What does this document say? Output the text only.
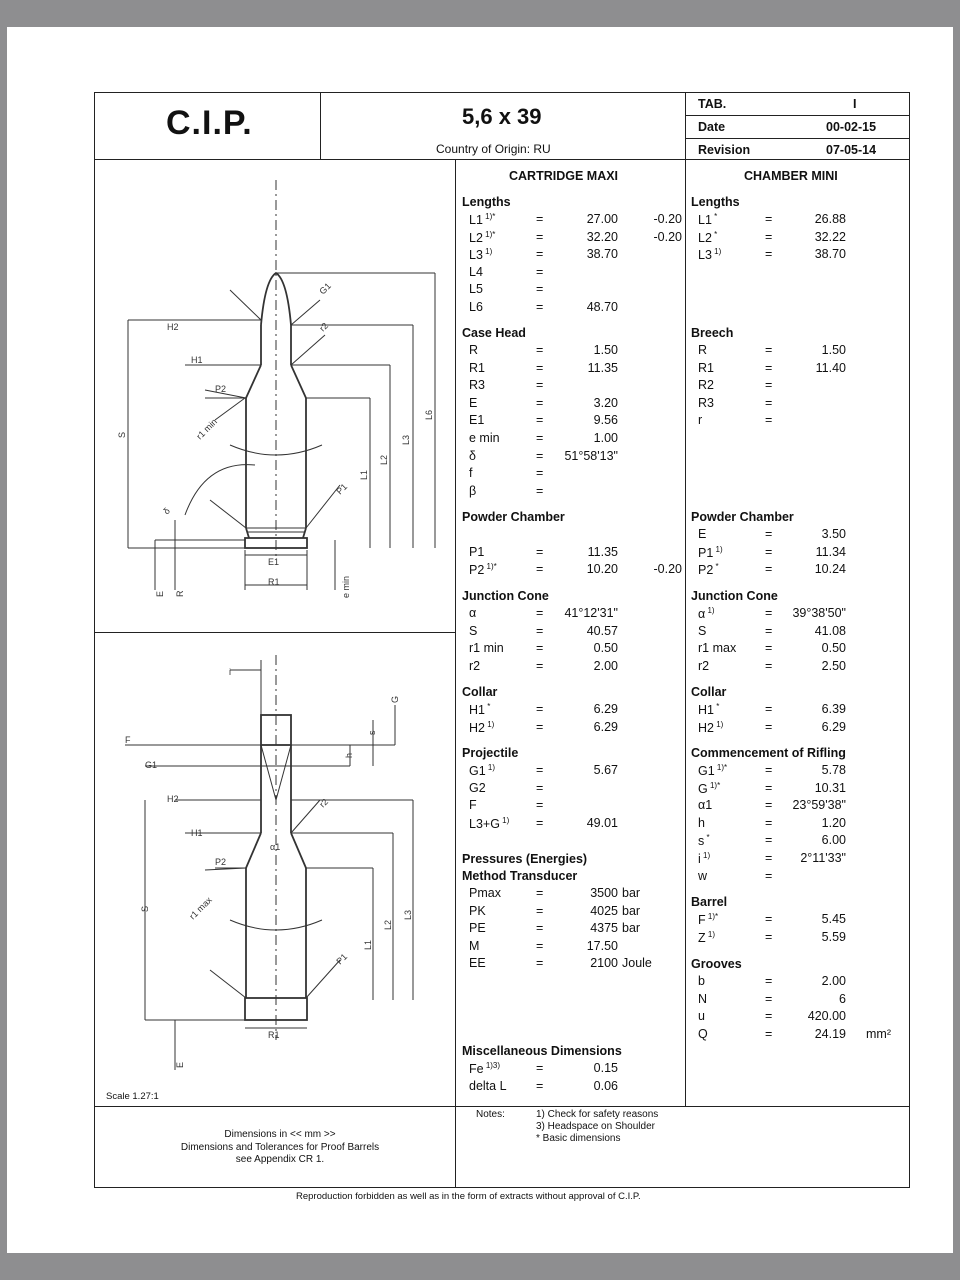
C.I.P.	5,6 x 39
Country of Origin: RU
TAB.	I
Date	00-02-15
Revision	07-05-14
CARTRIDGE MAXI	CHAMBER MINI
Lengths
L1 $^{1)*}$	=	27.00	-0.20
L2 $^{1)*}$	=	32.20	-0.20
L3 $^{1)}$	=	38.70
L4	=
L5	=
L6	=	48.70
Case Head
R	=	1.50
R1	=	11.35
R3	=
E	=	3.20
E1	=	9.56
e min	=	1.00
δ	= 51°58'13"
f	=
β	=
Powder Chamber
P1	=	11.35
P2 $^{1)*}$	=	10.20	-0.20
Junction Cone
α	= 41°12'31"
S	=	40.57
r1 min	=	0.50
r2	=	2.00
Collar
H1 *	=	6.29
H2 $^{1)}$	=	6.29
Projectile
G1 $^{1)}$	=	5.67
G2	=
F	=
L3+G $^{1)}$ =	49.01
Pressures (Energies)
Method Transducer
Pmax	=	3500 bar
PK	=	4025 bar
PE	=	4375 bar
M	=	17.50
EE	=	2100 Joule
Miscellaneous Dimensions
Fe $^{1)3)}$	=	0.15
delta L =	0.06
Lengths
L1 *	=	26.88
L2 *	=	32.22
L3 $^{1)}$	=	38.70
Breech
R	=	1.50
R1	=	11.40
R2	=
R3	=
r	=
Powder Chamber
E	=	3.50
P1 $^{1)}$	=	11.34
P2 *	=	10.24
Junction Cone
α $^{1)}$	= 39°38'50"
S	=	41.08
r1 max =	0.50
r2	=	2.50
Collar
H1 *	=	6.39
H2 $^{1)}$	=	6.29
Commencement of Rifling
G1 $^{1)*}$	=	5.78
G $^{1)*}$	=	10.31
α1	= 23°59'38"
h	=	1.20
s *	=	6.00
i $^{1)}$	= 2°11'33"
w	=
Barrel
F $^{1)*}$	=	5.45
Z $^{1)}$	=	5.59
Grooves
b	=	2.00
N	=	6
u	=	420.00
Q	=	24.19 mm²
H2
H1
P2
G1
r2
r1 min
S
L6
L3
L2
L1
P1
δ
E1
R1
E R	e min
i
G
F
G1
s
h
H2	r2
H1
α1
P2
r1 max
S
L3
L2
L1
P1
R1
E
Scale 1.27:1
Dimensions in << mm >>
Dimensions and Tolerances for Proof Barrels
see Appendix CR 1.
Notes:	1) Check for safety reasons
3) Headspace on Shoulder
* Basic dimensions
Reproduction forbidden as well as in the form of extracts without approval of C.I.P.
